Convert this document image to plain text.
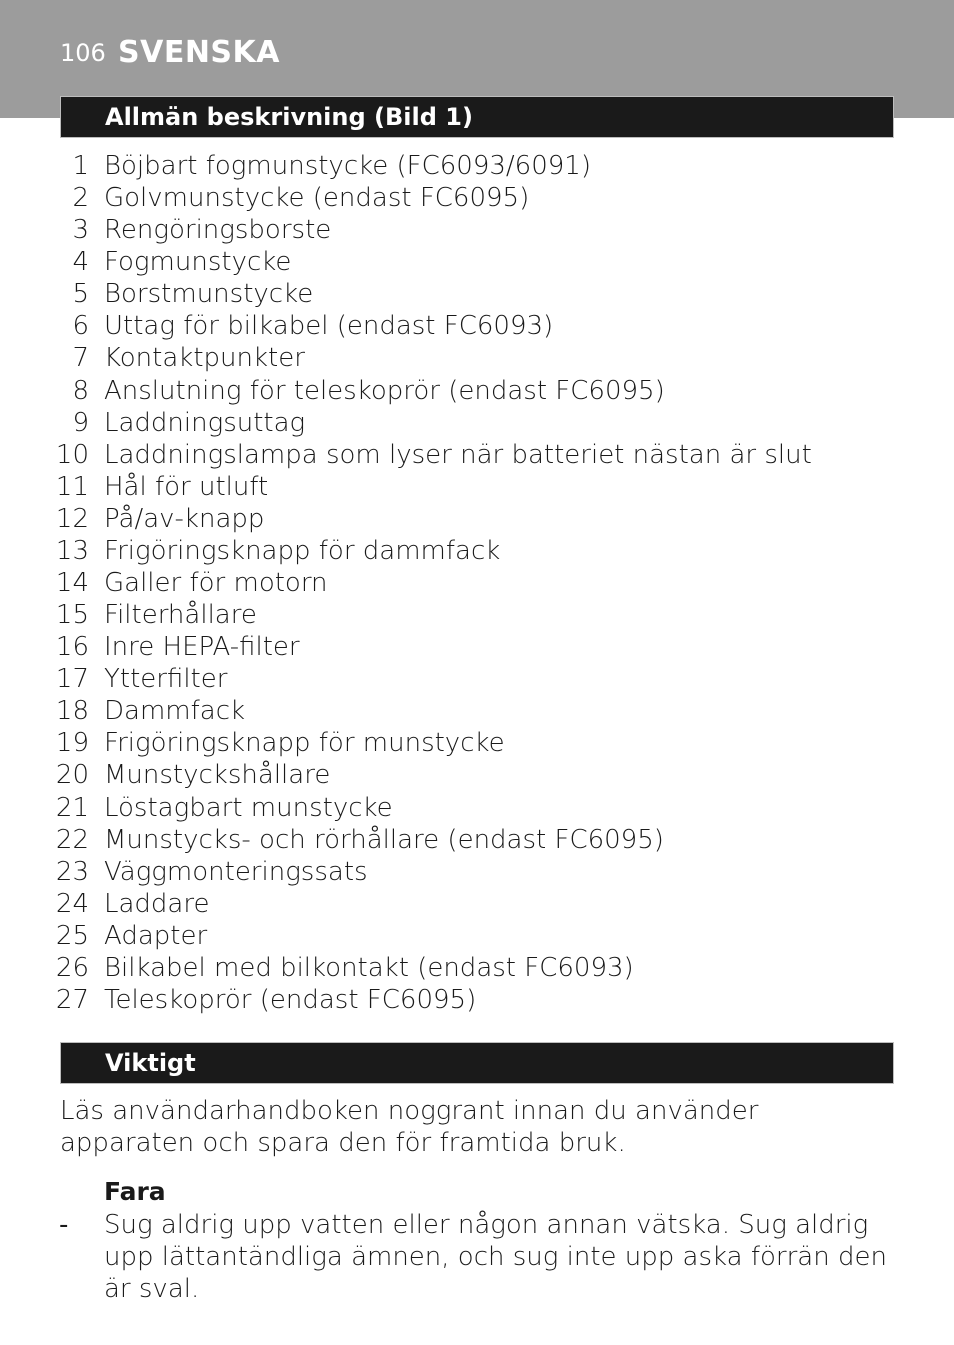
106 SVENSKA
Allmän beskrivning (Bild 1)
1 Böjbart fogmunstycke (FC6093/6091)
2 Golvmunstycke (endast FC6095)
3 Rengöringsborste
4 Fogmunstycke
5 Borstmunstycke
6 Uttag för bilkabel (endast FC6093)
7 Kontaktpunkter
8 Anslutning för teleskoprör (endast FC6095)
9 Laddningsuttag
10 Laddningslampa som lyser när batteriet nästan är slut
11 Hål för utluft
12 På/av-knapp
13 Frigöringsknapp för dammfack
14 Galler för motorn
15 Filterhållare
16 Inre HEPA-filter
17 Ytterfilter
18 Dammfack
19 Frigöringsknapp för munstycke
20 Munstyckshållare
21 Löstagbart munstycke
22 Munstycks- och rörhållare (endast FC6095)
23 Väggmonteringssats
24 Laddare
25 Adapter
26 Bilkabel med bilkontakt (endast FC6093)
27 Teleskoprör (endast FC6095)
Viktigt
Läs användarhandboken noggrant innan du använder apparaten och spara den för framtida bruk.
Fara
- Sug aldrig upp vatten eller någon annan vätska. Sug aldrig upp lättantändliga ämnen, och sug inte upp aska förrän den är sval.
